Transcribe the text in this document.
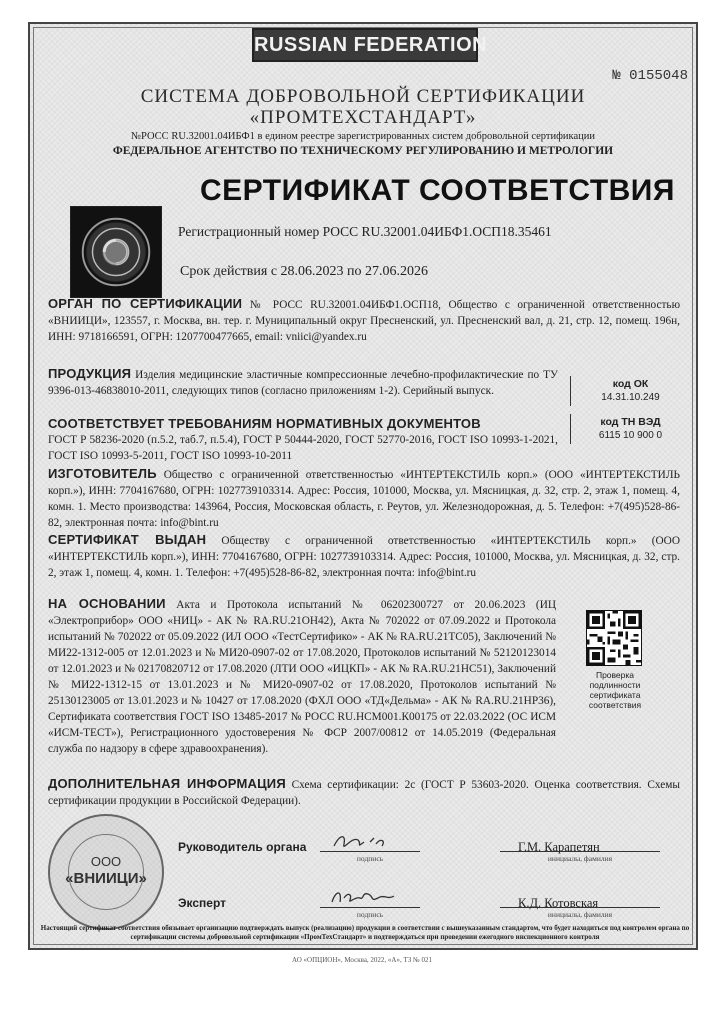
RUSSIAN FEDERATION
№ 0155048
СИСТЕМА ДОБРОВОЛЬНОЙ СЕРТИФИКАЦИИ
«ПРОМТЕХСТАНДАРТ»
№РОСС RU.32001.04ИБФ1 в едином реестре зарегистрированных систем добровольной сертификации
ФЕДЕРАЛЬНОЕ АГЕНТСТВО ПО ТЕХНИЧЕСКОМУ РЕГУЛИРОВАНИЮ И МЕТРОЛОГИИ
СЕРТИФИКАТ СООТВЕТСТВИЯ
Регистрационный номер РОСС RU.32001.04ИБФ1.ОСП18.35461
Срок действия с 28.06.2023 по 27.06.2026
ОРГАН ПО СЕРТИФИКАЦИИ № РОСС RU.32001.04ИБФ1.ОСП18, Общество с ограниченной ответственностью «ВНИИЦИ», 123557, г. Москва, вн. тер. г. Муниципальный округ Пресненский, ул. Пресненский вал, д. 21, стр. 12, помещ. 196н, ИНН: 9718166591, ОГРН: 1207700477665, email: vniici@yandex.ru
ПРОДУКЦИЯ Изделия медицинские эластичные компрессионные лечебно-профилактические по ТУ 9396-013-46838010-2011, следующих типов (согласно приложениям 1-2). Серийный выпуск.
код ОК
14.31.10.249
код ТН ВЭД
6115 10 900 0
СООТВЕТСТВУЕТ ТРЕБОВАНИЯМ НОРМАТИВНЫХ ДОКУМЕНТОВ
ГОСТ Р 58236-2020 (п.5.2, таб.7, п.5.4), ГОСТ Р 50444-2020, ГОСТ 52770-2016, ГОСТ ISO 10993-1-2021, ГОСТ ISO 10993-5-2011, ГОСТ ISO 10993-10-2011
ИЗГОТОВИТЕЛЬ Общество с ограниченной ответственностью «ИНТЕРТЕКСТИЛЬ корп.» (ООО «ИНТЕРТЕКСТИЛЬ корп.»), ИНН: 7704167680, ОГРН: 1027739103314. Адрес: Россия, 101000, Москва, ул. Мясницкая, д. 32, стр. 2, этаж 1, помещ. 4, комн. 1. Место производства: 143964, Россия, Московская область, г. Реутов, ул. Железнодорожная, д. 5. Телефон: +7(495)528-86-82, электронная почта: info@bint.ru
СЕРТИФИКАТ ВЫДАН Обществу с ограниченной ответственностью «ИНТЕРТЕКСТИЛЬ корп.» (ООО «ИНТЕРТЕКСТИЛЬ корп.»), ИНН: 7704167680, ОГРН: 1027739103314. Адрес: Россия, 101000, Москва, ул. Мясницкая, д. 32, стр. 2, этаж 1, помещ. 4, комн. 1. Телефон: +7(495)528-86-82, электронная почта: info@bint.ru
НА ОСНОВАНИИ Акта и Протокола испытаний № 06202300727 от 20.06.2023 (ИЦ «Электроприбор» ООО «НИЦ» - АК № RA.RU.21ОН42), Акта № 702022 от 07.09.2022 и Протокола испытаний № 702022 от 05.09.2022 (ИЛ ООО «ТестСертифико» - АК № RA.RU.21ТС05), Заключений № МИ22-1312-005 от 12.01.2023 и № МИ20-0907-02 от 17.08.2020, Протоколов испытаний № 52120123014 от 12.01.2023 и № 02170820712 от 17.08.2020 (ЛТИ ООО «ИЦКП» - АК № RA.RU.21НС51), Заключений № МИ22-1312-15 от 13.01.2023 и № МИ20-0907-02 от 17.08.2020, Протоколов испытаний № 25130123005 от 13.01.2023 и № 10427 от 17.08.2020 (ФХЛ ООО «ТД«Дельма» - АК № RA.RU.21НР36), Сертификата соответствия ГОСТ ISO 13485-2017 № РОСС RU.НСМ001.К00175 от 22.03.2022 (ОС ИСМ «ИСМ-ТЕСТ»), Регистрационного удостоверения № ФСР 2007/00812 от 14.05.2019 (Федеральная служба по надзору в сфере здравоохранения).
Проверка подлинности сертификата соответствия
ДОПОЛНИТЕЛЬНАЯ ИНФОРМАЦИЯ Схема сертификации: 2с (ГОСТ Р 53603-2020. Оценка соответствия. Схемы сертификации продукции в Российской Федерации).
ООО
«ВНИИЦИ»
Руководитель органа
подпись
Г.М. Карапетян
инициалы, фамилия
Эксперт
подпись
К.Д. Котовская
инициалы, фамилия
Настоящий сертификат соответствия обязывает организацию подтверждать выпуск (реализацию) продукции в соответствии с вышеуказанным стандартом, что будет находиться под контролем органа по сертификации системы добровольной сертификации «ПромТехСтандарт» и подтверждаться при проведении ежегодного инспекционного контроля
АО «ОПЦИОН», Москва, 2022, «А», ТЗ № 021
